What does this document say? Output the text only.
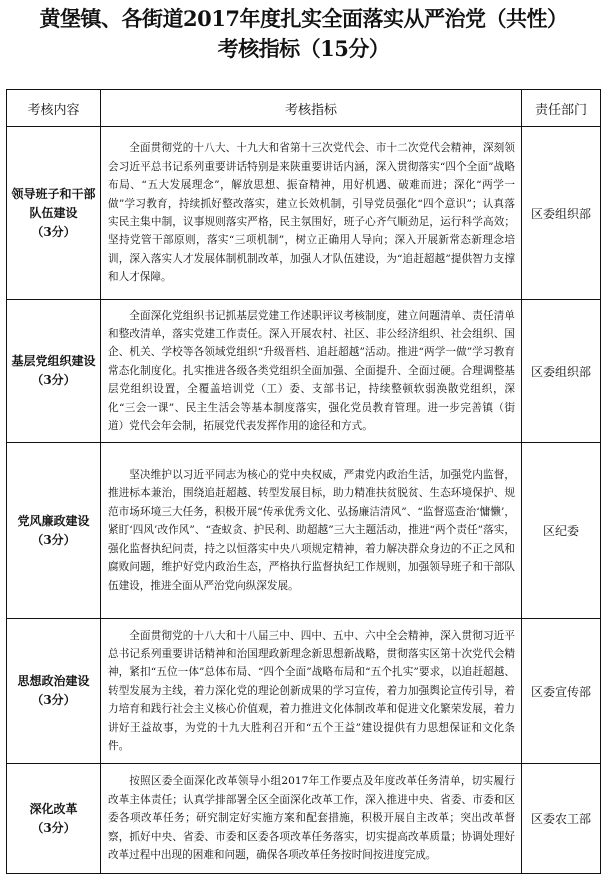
黄堡镇、各街道2017年度扎实全面落实从严治党（共性）
考核指标（15分）
考核内容	考核指标	责任部门
领导班子和干部队伍建设
（3分）	全面贯彻党的十八大、十九大和省第十三次党代会、市十二次党代会精神，深刻领会习近平总书记系列重要讲话特别是来陕重要讲话内涵，深入贯彻落实“四个全面”战略布局、“五大发展理念”，解放思想、振奋精神，用好机遇、破难而进；深化“两学一做”学习教育，持续抓好整改落实，建立长效机制，引导党员强化“四个意识”；认真落实民主集中制，议事规则落实严格，民主氛围好，班子心齐气顺劲足，运行科学高效；坚持党管干部原则，落实“三项机制”，树立正确用人导向；深入开展新常态新理念培训，深入落实人才发展体制机制改革，加强人才队伍建设，为“追赶超越”提供智力支撑和人才保障。	区委组织部
基层党组织建设
（3分）	全面深化党组织书记抓基层党建工作述职评议考核制度，建立问题清单、责任清单和整改清单，落实党建工作责任。深入开展农村、社区、非公经济组织、社会组织、国企、机关、学校等各领域党组织“升级晋档、追赶超越”活动。推进“两学一做”学习教育常态化制度化。扎实推进各级各类党组织全面加强、全面提升、全面过硬。合理调整基层党组织设置，全覆盖培训党（工）委、支部书记，持续整顿软弱涣散党组织，深化“三会一课”、民主生活会等基本制度落实，强化党员教育管理。进一步完善镇（街道）党代会年会制，拓展党代表发挥作用的途径和方式。	区委组织部
党风廉政建设
（3分）	坚决维护以习近平同志为核心的党中央权威，严肃党内政治生活，加强党内监督，推进标本兼治，围绕追赶超越、转型发展目标，助力精准扶贫脱贫、生态环境保护、规范市场环境三大任务，积极开展“传承优秀文化、弘扬廉洁清风”、“监督巡查治‘慵懒’，紧盯‘四风’改作风”、“查蚁贪、护民利、助超越”三大主题活动，推进“两个责任”落实，强化监督执纪问责，持之以恒落实中央八项规定精神，着力解决群众身边的不正之风和腐败问题，维护好党内政治生态，严格执行监督执纪工作规则，加强领导班子和干部队伍建设，推进全面从严治党向纵深发展。	区纪委
思想政治建设
（3分）	全面贯彻党的十八大和十八届三中、四中、五中、六中全会精神，深入贯彻习近平总书记系列重要讲话精神和治国理政新理念新思想新战略，贯彻落实区第十次党代会精神，紧扣“五位一体”总体布局、“四个全面”战略布局和“五个扎实”要求，以追赶超越、转型发展为主线，着力深化党的理论创新成果的学习宣传，着力加强舆论宣传引导，着力培育和践行社会主义核心价值观，着力推进文化体制改革和促进文化繁荣发展，着力讲好王益故事，为党的十九大胜利召开和“五个王益”建设提供有力思想保证和文化条件。	区委宣传部
深化改革
（3分）	按照区委全面深化改革领导小组2017年工作要点及年度改革任务清单，切实履行改革主体责任；认真学排部署全区全面深化改革工作，深入推进中央、省委、市委和区委各项改革任务；研究制定好实施方案和配套措施，积极开展自主改革；突出改革督察，抓好中央、省委、市委和区委各项改革任务落实，切实提高改革质量；协调处理好改革过程中出现的困难和问题，确保各项改革任务按时间按进度完成。	区委农工部
